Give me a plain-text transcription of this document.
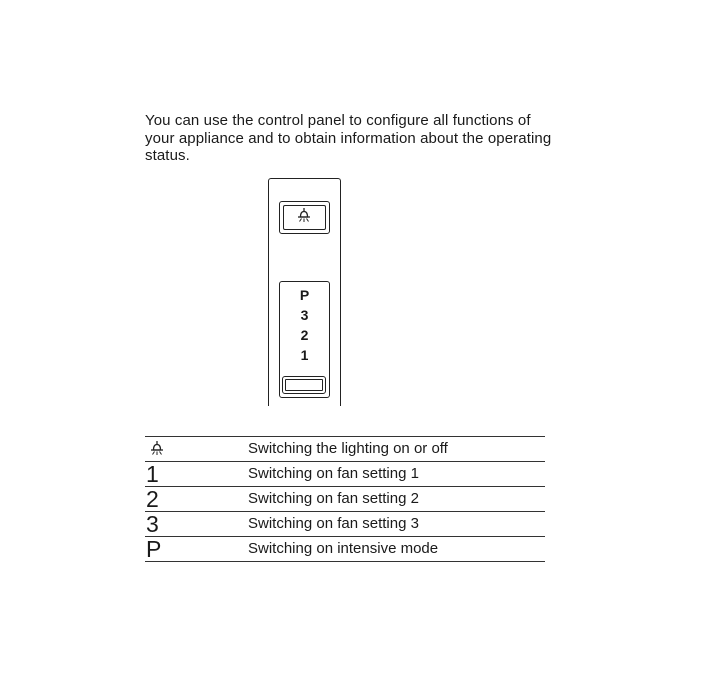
You can use the control panel to configure all functions of your appliance and to obtain information about the operating status.
P
3
2
1
Switching the lighting on or off
1	Switching on fan setting 1
2	Switching on fan setting 2
3	Switching on fan setting 3
P	Switching on intensive mode
